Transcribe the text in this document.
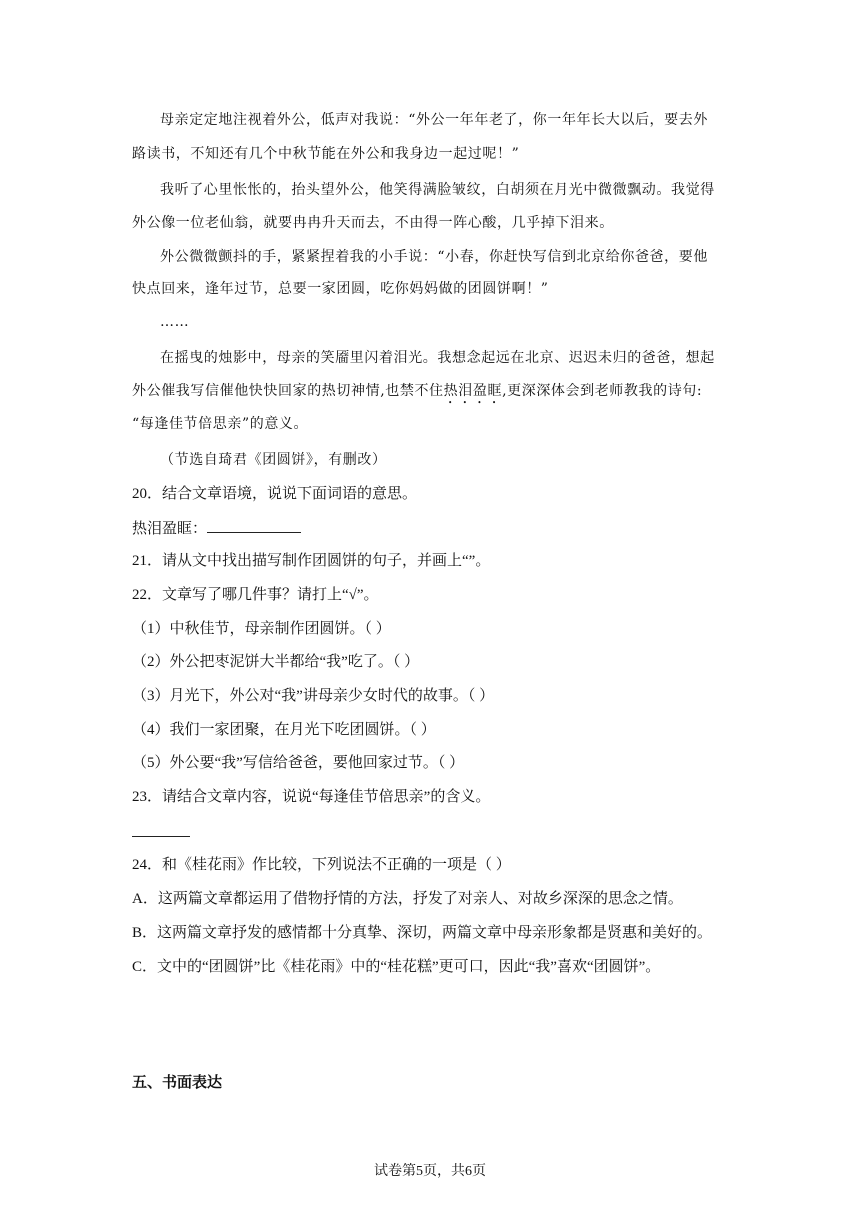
母亲定定地注视着外公，低声对我说：“外公一年年老了，你一年年长大以后，要去外
路读书，不知还有几个中秋节能在外公和我身边一起过呢！”
我听了心里怅怅的，抬头望外公，他笑得满脸皱纹，白胡须在月光中微微飘动。我觉得
外公像一位老仙翁，就要冉冉升天而去，不由得一阵心酸，几乎掉下泪来。
外公微微颤抖的手，紧紧捏着我的小手说：“小春，你赶快写信到北京给你爸爸，要他
快点回来，逢年过节，总要一家团圆，吃你妈妈做的团圆饼啊！”
……
在摇曳的烛影中，母亲的笑靥里闪着泪光。我想念起远在北京、迟迟未归的爸爸，想起
外公催我写信催他快快回家的热切神情,也禁不住热泪盈眶,更深深体会到老师教我的诗句:
“每逢佳节倍思亲”的意义。
（节选自琦君《团圆饼》，有删改）
20．结合文章语境，说说下面词语的意思。
热泪盈眶：
21．请从文中找出描写制作团圆饼的句子，并画上“”。
22．文章写了哪几件事？请打上“√”。
（1）中秋佳节，母亲制作团圆饼。（ ）
（2）外公把枣泥饼大半都给“我”吃了。（ ）
（3）月光下，外公对“我”讲母亲少女时代的故事。（ ）
（4）我们一家团聚，在月光下吃团圆饼。（ ）
（5）外公要“我”写信给爸爸，要他回家过节。（ ）
23．请结合文章内容，说说“每逢佳节倍思亲”的含义。
24．和《桂花雨》作比较，下列说法不正确的一项是（ ）
A．这两篇文章都运用了借物抒情的方法，抒发了对亲人、对故乡深深的思念之情。
B．这两篇文章抒发的感情都十分真挚、深切，两篇文章中母亲形象都是贤惠和美好的。
C．文中的“团圆饼”比《桂花雨》中的“桂花糕”更可口，因此“我”喜欢“团圆饼”。
五、书面表达
试卷第5页，共6页
